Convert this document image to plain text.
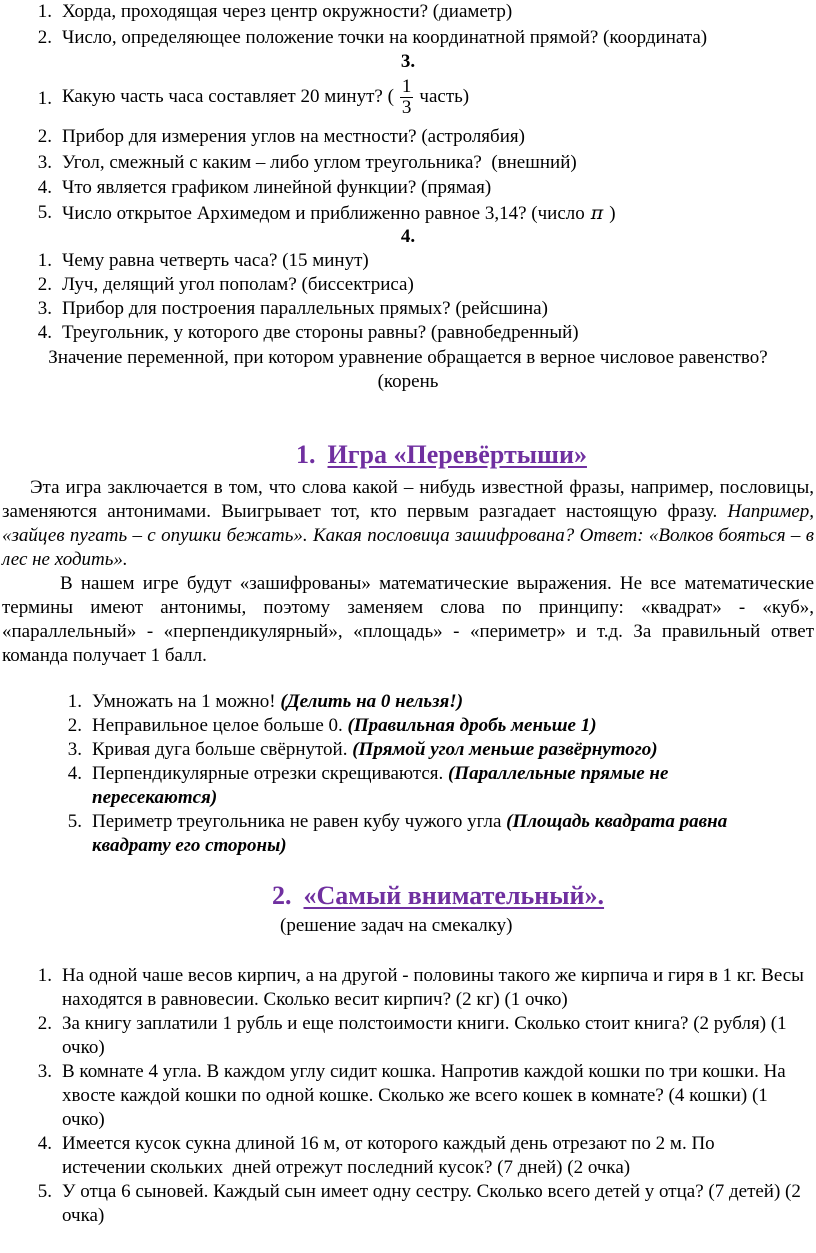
1. Хорда, проходящая через центр окружности? (диаметр)
2. Число, определяющее положение точки на координатной прямой? (координата)
3.
1. Какую часть часа составляет 20 минут? ( $\frac{1}{3}$ часть)
2. Прибор для измерения углов на местности? (астролябия)
3. Угол, смежный с каким – либо углом треугольника?  (внешний)
4. Что является графиком линейной функции? (прямая)
5. Число открытое Архимедом и приближенно равное 3,14? (число π )
4.
1. Чему равна четверть часа? (15 минут)
2. Луч, делящий угол пополам? (биссектриса)
3. Прибор для построения параллельных прямых? (рейсшина)
4. Треугольник, у которого две стороны равны? (равнобедренный)
Значение переменной, при котором уравнение обращается в верное числовое равенство?
(корень
1. Игра «Перевёртыши»
Эта игра заключается в том, что слова какой – нибудь известной фразы, например, пословицы, заменяются антонимами. Выигрывает тот, кто первым разгадает настоящую фразу. Например, «зайцев пугать – с опушки бежать». Какая пословица зашифрована? Ответ: «Волков бояться – в лес не ходить».
В нашем игре будут «зашифрованы» математические выражения. Не все математические термины имеют антонимы, поэтому заменяем слова по принципу: «квадрат» - «куб», «параллельный» - «перпендикулярный», «площадь» - «периметр» и т.д. За правильный ответ команда получает 1 балл.
1. Умножать на 1 можно! (Делить на 0 нельзя!)
2. Неправильное целое больше 0. (Правильная дробь меньше 1)
3. Кривая дуга больше свёрнутой. (Прямой угол меньше развёрнутого)
4. Перпендикулярные отрезки скрещиваются. (Параллельные прямые не пересекаются)
5. Периметр треугольника не равен кубу чужого угла (Площадь квадрата равна квадрату его стороны)
2. «Самый внимательный».
(решение задач на смекалку)
1. На одной чаше весов кирпич, а на другой - половины такого же кирпича и гиря в 1 кг. Весы находятся в равновесии. Сколько весит кирпич? (2 кг) (1 очко)
2. За книгу заплатили 1 рубль и еще полстоимости книги. Сколько стоит книга? (2 рубля) (1 очко)
3. В комнате 4 угла. В каждом углу сидит кошка. Напротив каждой кошки по три кошки. На хвосте каждой кошки по одной кошке. Сколько же всего кошек в комнате? (4 кошки) (1 очко)
4. Имеется кусок сукна длиной 16 м, от которого каждый день отрезают по 2 м. По истечении скольких  дней отрежут последний кусок? (7 дней) (2 очка)
5. У отца 6 сыновей. Каждый сын имеет одну сестру. Сколько всего детей у отца? (7 детей) (2 очка)
